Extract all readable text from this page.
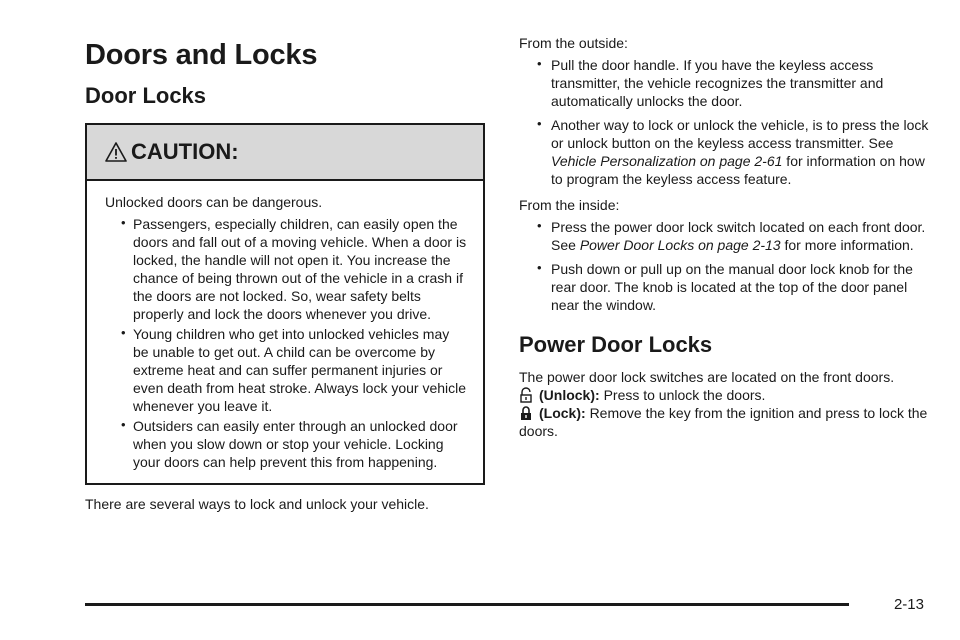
Doors and Locks
Door Locks
CAUTION:

Unlocked doors can be dangerous.

• Passengers, especially children, can easily open the doors and fall out of a moving vehicle. When a door is locked, the handle will not open it. You increase the chance of being thrown out of the vehicle in a crash if the doors are not locked. So, wear safety belts properly and lock the doors whenever you drive.
• Young children who get into unlocked vehicles may be unable to get out. A child can be overcome by extreme heat and can suffer permanent injuries or even death from heat stroke. Always lock your vehicle whenever you leave it.
• Outsiders can easily enter through an unlocked door when you slow down or stop your vehicle. Locking your doors can help prevent this from happening.

There are several ways to lock and unlock your vehicle.

From the outside:

• Pull the door handle. If you have the keyless access transmitter, the vehicle recognizes the transmitter and automatically unlocks the door.
• Another way to lock or unlock the vehicle, is to press the lock or unlock button on the keyless access transmitter. See Vehicle Personalization on page 2-61 for information on how to program the keyless access feature.

From the inside:

• Press the power door lock switch located on each front door. See Power Door Locks on page 2-13 for more information.
• Push down or pull up on the manual door lock knob for the rear door. The knob is located at the top of the door panel near the window.
Power Door Locks

The power door lock switches are located on the front doors.

(Unlock): Press to unlock the doors.

(Lock): Remove the key from the ignition and press to lock the doors.

2-13
